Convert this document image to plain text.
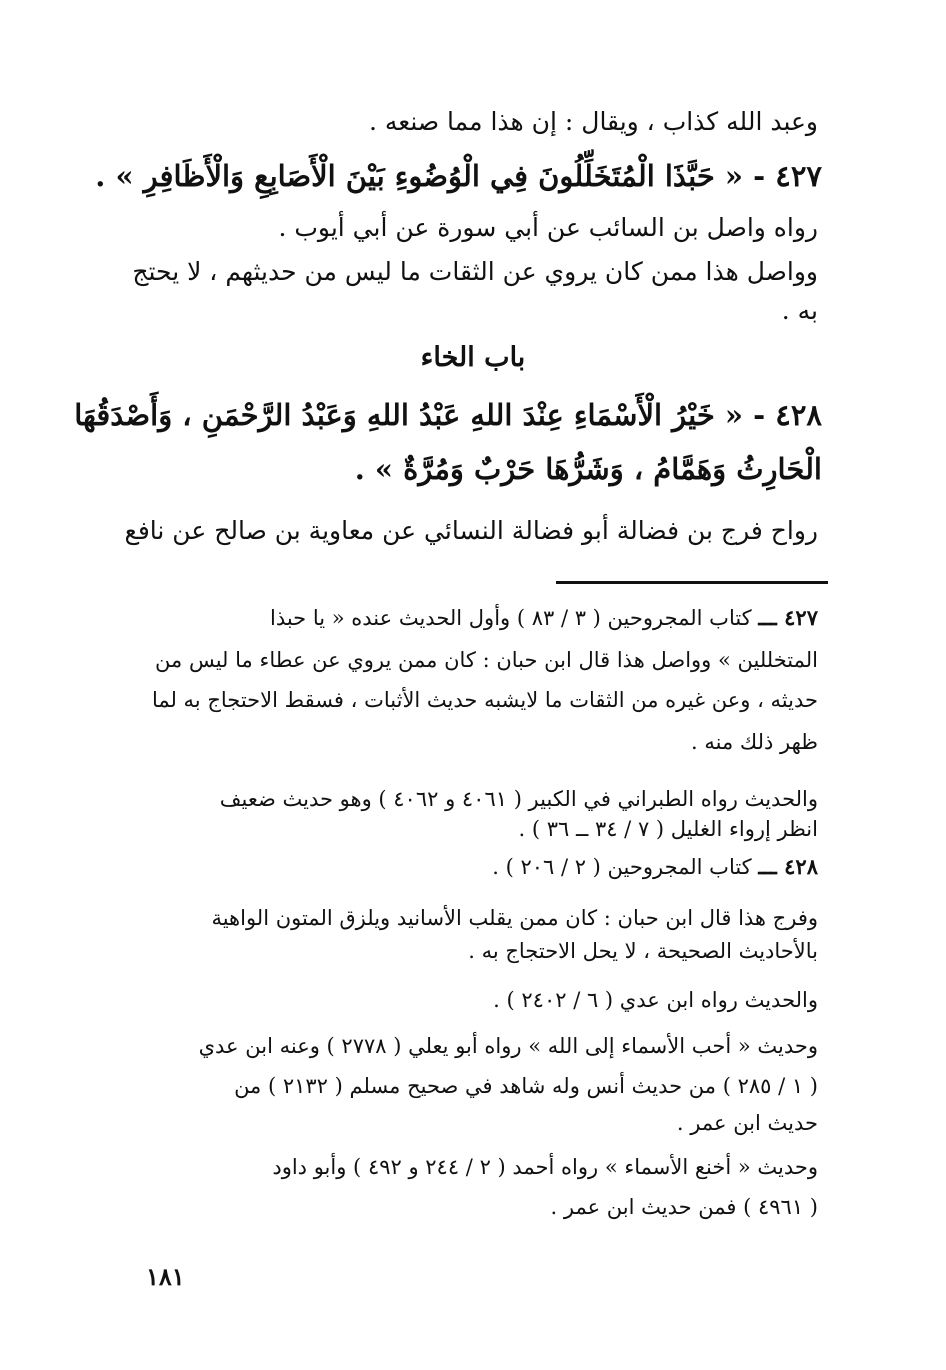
وعبد الله كذاب ، ويقال : إن هذا مما صنعه .
٤٢٧ - « حَبَّذَا الْمُتَخَلِّلُونَ فِي الْوُضُوءِ بَيْنَ الْأَصَابِعِ وَالْأَظَافِرِ » .
رواه واصل بن السائب عن أبي سورة عن أبي أيوب .
وواصل هذا ممن كان يروي عن الثقات ما ليس من حديثهم ، لا يحتج
به .
باب الخاء
٤٢٨ - « خَيْرُ الْأَسْمَاءِ عِنْدَ اللهِ عَبْدُ اللهِ وَعَبْدُ الرَّحْمَنِ ، وَأَصْدَقُهَا
الْحَارِثُ وَهَمَّامُ ، وَشَرُّهَا حَرْبٌ وَمُرَّةٌ » .
رواح فرج بن فضالة أبو فضالة النسائي عن معاوية بن صالح عن نافع
٤٢٧ ـــ كتاب المجروحين ( ٣ / ٨٣ ) وأول الحديث عنده « يا حبذا
المتخللين » وواصل هذا قال ابن حبان : كان ممن يروي عن عطاء ما ليس من
حديثه ، وعن غيره من الثقات ما لايشبه حديث الأثبات ، فسقط الاحتجاج به لما
ظهر ذلك منه .
والحديث رواه الطبراني في الكبير ( ٤٠٦١ و ٤٠٦٢ ) وهو حديث ضعيف
انظر إرواء الغليل ( ٧ / ٣٤ ــ ٣٦ ) .
٤٢٨ ـــ كتاب المجروحين ( ٢ / ٢٠٦ ) .
وفرج هذا قال ابن حبان : كان ممن يقلب الأسانيد ويلزق المتون الواهية
بالأحاديث الصحيحة ، لا يحل الاحتجاج به .
والحديث رواه ابن عدي ( ٦ / ٢٤٠٢ ) .
وحديث « أحب الأسماء إلى الله » رواه أبو يعلي ( ٢٧٧٨ ) وعنه ابن عدي
( ١ / ٢٨٥ ) من حديث أنس وله شاهد في صحيح مسلم ( ٢١٣٢ ) من
حديث ابن عمر .
وحديث « أخنع الأسماء » رواه أحمد ( ٢ / ٢٤٤ و ٤٩٢ ) وأبو داود
( ٤٩٦١ ) فمن حديث ابن عمر .
١٨١
